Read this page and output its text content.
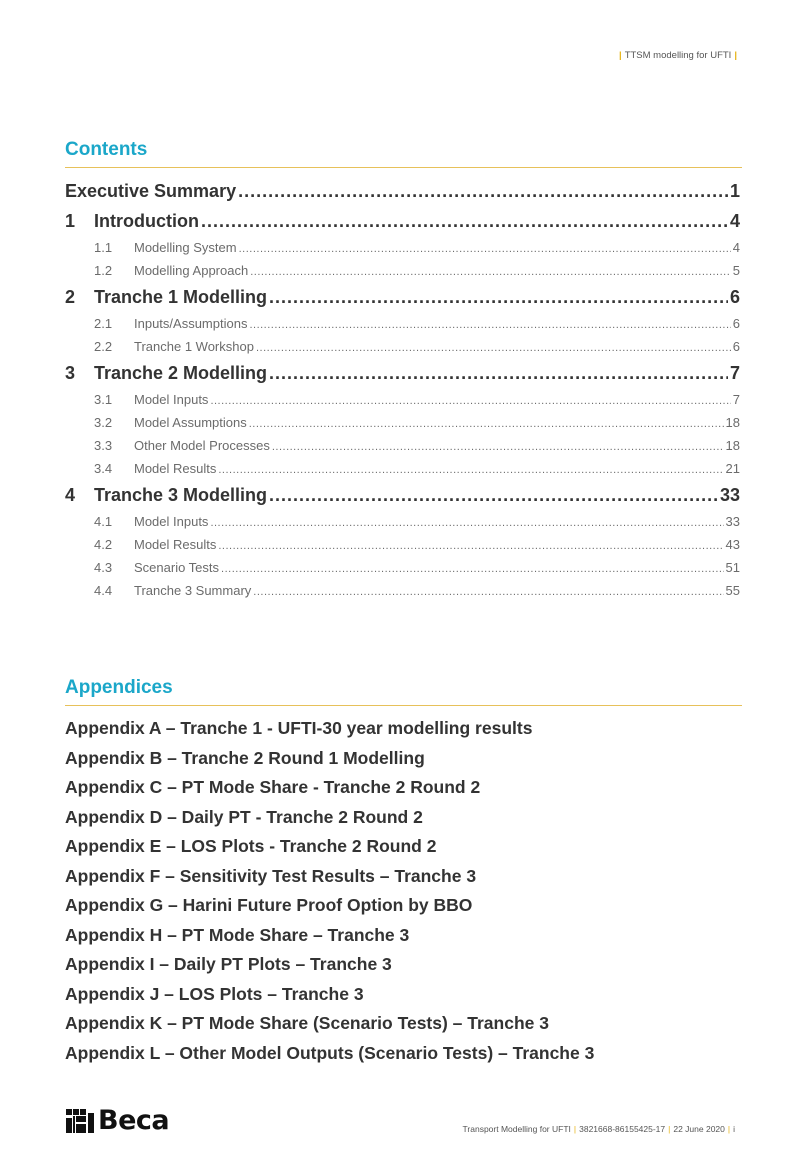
| TTSM modelling for UFTI |
Contents
Executive Summary .....	1
1	Introduction .....	4
1.1	Modelling System .....	4
1.2	Modelling Approach .....	5
2	Tranche 1 Modelling .....	6
2.1	Inputs/Assumptions .....	6
2.2	Tranche 1 Workshop .....	6
3	Tranche 2 Modelling .....	7
3.1	Model Inputs .....	7
3.2	Model Assumptions .....	18
3.3	Other Model Processes .....	18
3.4	Model Results .....	21
4	Tranche 3 Modelling .....	33
4.1	Model Inputs .....	33
4.2	Model Results .....	43
4.3	Scenario Tests .....	51
4.4	Tranche 3 Summary .....	55
Appendices
Appendix A – Tranche 1 - UFTI-30 year modelling results
Appendix B – Tranche 2 Round 1 Modelling
Appendix C – PT Mode Share - Tranche 2 Round 2
Appendix D – Daily PT - Tranche 2 Round 2
Appendix E – LOS Plots - Tranche 2 Round 2
Appendix F – Sensitivity Test Results – Tranche 3
Appendix G – Harini Future Proof Option by BBO
Appendix H – PT Mode Share – Tranche 3
Appendix I – Daily PT Plots – Tranche 3
Appendix J – LOS Plots – Tranche 3
Appendix K – PT Mode Share (Scenario Tests) – Tranche 3
Appendix L – Other Model Outputs (Scenario Tests) – Tranche 3
Beca	Transport Modelling for UFTI | 3821668-86155425-17 | 22 June 2020 | i
